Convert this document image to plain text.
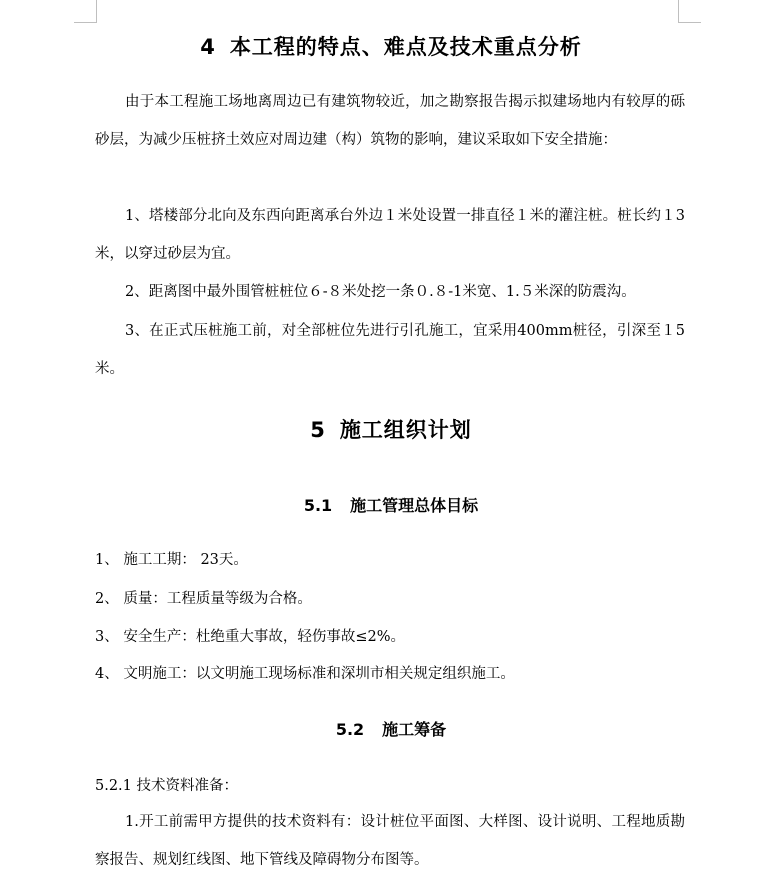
4 本工程的特点、难点及技术重点分析
由于本工程施工场地离周边已有建筑物较近，加之勘察报告揭示拟建场地内有较厚的砾砂层，为减少压桩挤土效应对周边建（构）筑物的影响，建议采取如下安全措施：
1、塔楼部分北向及东西向距离承台外边１米处设置一排直径１米的灌注桩。桩长约１3米，以穿过砂层为宜。
2、距离图中最外围管桩桩位６-８米处挖一条０.８-1米宽、1.５米深的防震沟。
3、在正式压桩施工前，对全部桩位先进行引孔施工，宜采用400mm桩径，引深至１5米。
5 施工组织计划
5.1 施工管理总体目标
1、 施工工期： 23天。
2、 质量：工程质量等级为合格。
3、 安全生产：杜绝重大事故，轻伤事故≤2%。
4、 文明施工：以文明施工现场标准和深圳市相关规定组织施工。
5.2 施工筹备
5.2.1 技术资料准备：
1.开工前需甲方提供的技术资料有：设计桩位平面图、大样图、设计说明、工程地质勘察报告、规划红线图、地下管线及障碍物分布图等。
